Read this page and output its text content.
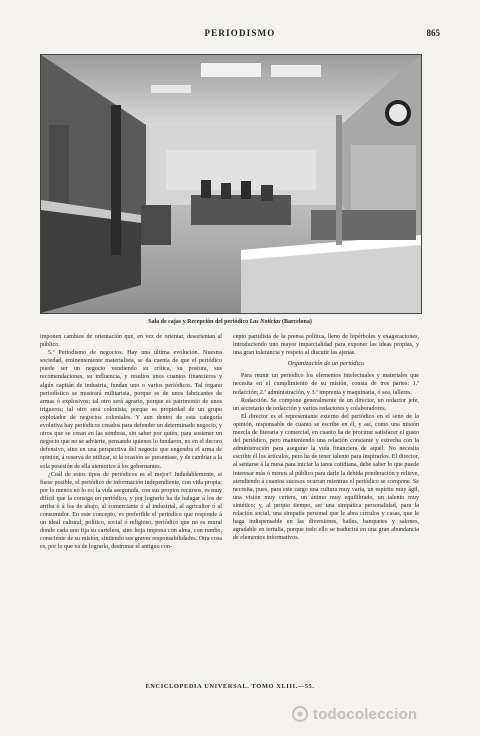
PERIODISMO	865
Sala de cajas y Recepción del periódico Las Noticias (Barcelona)

imponen cambios de orientación que, en vez de orientar, desorientan al público.

5.º Periodismo de negocios. Hay una última evolución. Nuestra sociedad, eminentemente materialista, se da cuenta de que el periódico puede ser un negocio vendiendo su crítica, su postura, sus recomendaciones, su influencia, y resultos unos cuantos financieros y algún capitán de industria, fundan uno o varios periódicos. Tal órgano periodístico se mostrará militarista, porque es de unos fabricantes de armas ó explosivos; tal otro será agrario, porque es patrimonio de unos trigueros; tal otro será colonista, porque es propiedad de un grupo explotador de negocios coloniales. Y aun dentro de esta categoría evolutiva hay periódicos creados para defender un determinado negocio, y otros que se crean en las sombras, sin saber por quién, para sostener un negocio que no se advierte, pensando quienes lo fundaron, no en el decoro defensivo, sino en una perspectiva del negocio que engendra el arma de opinión, á reserva de utilizar, si la ocasión se presentase, y de cambiar a la sola posesión de ella atemorice á los gobernantes.

¿Cuál de estos tipos de periódicos es el mejor? Indudablemente, si fuese posible, el periódico de información independiente, con vida propia; por lo menos no lo es; la vida asegurada, con sus propios recursos, es muy difícil que la consiga un periódico, y por lograrlo ha de halagar á los de arriba ó á los de abajo, al comerciante ó al industrial, al agricultor ó al consumidor. En este concepto, es preferible el periódico que responde á un ideal cultural, político, social ó religioso; periódico que no es mural donde cada uno fija su cartelera, sino hoja impresa con alma, con rumbo, consciente de su misión, sintiendo sus graves responsabilidades. Otra cosa es, por lo que va de lograrlo, destronar el antiguo con-

cepto partidista de la prensa política, lleno de hipérboles y exageraciones, introduciendo uno mayor imparcialidad para exponer las ideas propias, y una gran tolerancia y respeto al discutir las ajenas.

Organización de un periódico

Para reunir un periódico los elementos intelectuales y materiales que necesita en el cumplimiento de su misión, consta de tres partes: 1.ª redacción; 2.ª administración, y 3.ª imprenta y maquinaria, ó sea, talleres.

Redacción. Se compone generalmente de un director, un redactor jefe, un secretario de redacción y varios redactores y colaboradores.

El director es el representante externo del periódico en el seno de la opinión, responsable de cuanto se escribe en él, y así, como una misión mezcla de literaria y comercial, en cuanto ha de procurar satisfacer el gusto del periódico, pero manteniendo una relación constante y estrecha con la administración para asegurar la vida financiera de aquél. No necesita escribir él los artículos, pero ha de tener talento para inspirarlos. El director, al sentarse á la mesa para iniciar la tarea cotidiana, debe saber lo que puede interesar más ó menos al público para darle la debida ponderación y relieve, atendiendo á cuantos sucesos ocurran mientras el periódico se compone. Se necesita, pues, para este cargo una cultura muy varia, un espíritu muy ágil, una visión muy certera, un ánimo muy equilibrado, un talento muy sintético; y, al propio tiempo, ser una simpática personalidad, para la relación social, una simpatía personal que le abra círculos y casas, que le haga indispensable en las diversiones, bailes, banquetes y salones, agradable en tertulia, porque todo ello se traducirá en una gran abundancia de elementos informativos.

ENCICLOPEDIA UNIVERSAL. TOMO XLIII.—55.
todocoleccion
